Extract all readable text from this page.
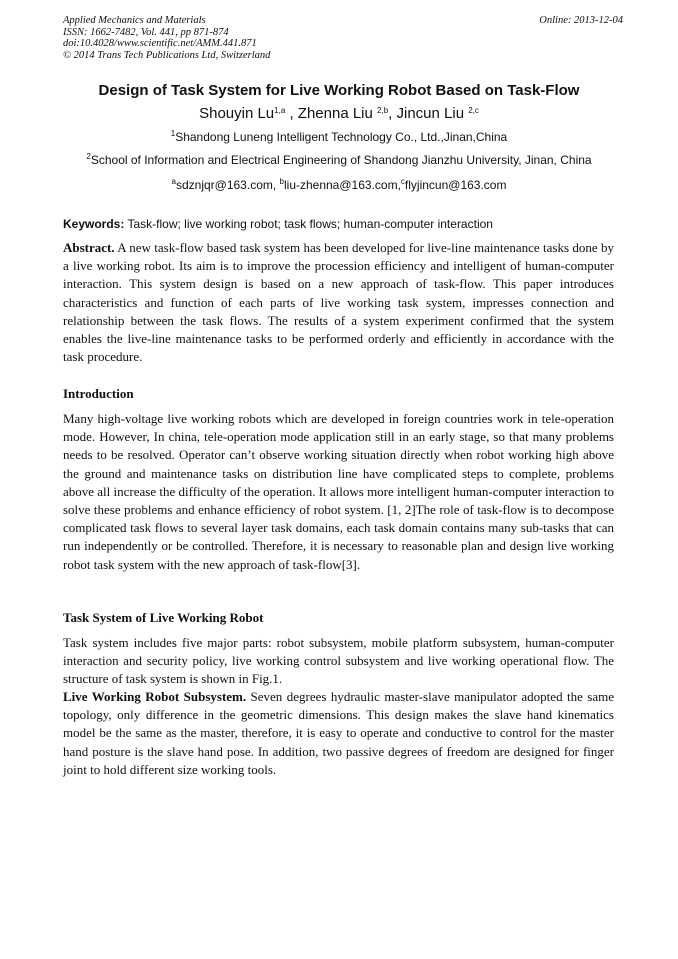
Applied Mechanics and Materials
ISSN: 1662-7482, Vol. 441, pp 871-874
doi:10.4028/www.scientific.net/AMM.441.871
© 2014 Trans Tech Publications Ltd, Switzerland
Online: 2013-12-04
Design of Task System for Live Working Robot Based on Task-Flow
Shouyin Lu$^{1,a}$ , Zhenna Liu $^{2,b}$, Jincun Liu $^{2,c}$
$^1$Shandong Luneng Intelligent Technology Co., Ltd.,Jinan,China
$^2$School of Information and Electrical Engineering of Shandong Jianzhu University, Jinan, China
$^a$sdznjqr@163.com, $^b$liu-zhenna@163.com,$^c$flyjincun@163.com
Keywords: Task-flow; live working robot; task flows; human-computer interaction

Abstract. A new task-flow based task system has been developed for live-line maintenance tasks done by a live working robot. Its aim is to improve the procession efficiency and intelligent of human-computer interaction. This system design is based on a new approach of task-flow. This paper introduces characteristics and function of each parts of live working task system, impresses connection and relationship between the task flows. The results of a system experiment confirmed that the system enables the live-line maintenance tasks to be performed orderly and efficiently in accordance with the task procedure.

Introduction

Many high-voltage live working robots which are developed in foreign countries work in tele-operation mode. However, In china, tele-operation mode application still in an early stage, so that many problems needs to be resolved. Operator can’t observe working situation directly when robot working high above the ground and maintenance tasks on distribution line have complicated steps to complete, problems above all increase the difficulty of the operation. It allows more intelligent human-computer interaction to solve these problems and enhance efficiency of robot system. [1, 2]The role of task-flow is to decompose complicated task flows to several layer task domains, each task domain contains many sub-tasks that can run independently or be controlled. Therefore, it is necessary to reasonable plan and design live working robot task system with the new approach of task-flow[3].

Task System of Live Working Robot

Task system includes five major parts: robot subsystem, mobile platform subsystem, human-computer interaction and security policy, live working control subsystem and live working operational flow. The structure of task system is shown in Fig.1.

Live Working Robot Subsystem. Seven degrees hydraulic master-slave manipulator adopted the same topology, only difference in the geometric dimensions. This design makes the slave hand kinematics model be the same as the master, therefore, it is easy to operate and conductive to control for the master hand posture is the slave hand pose. In addition, two passive degrees of freedom are designed for finger joint to hold different size working tools.
